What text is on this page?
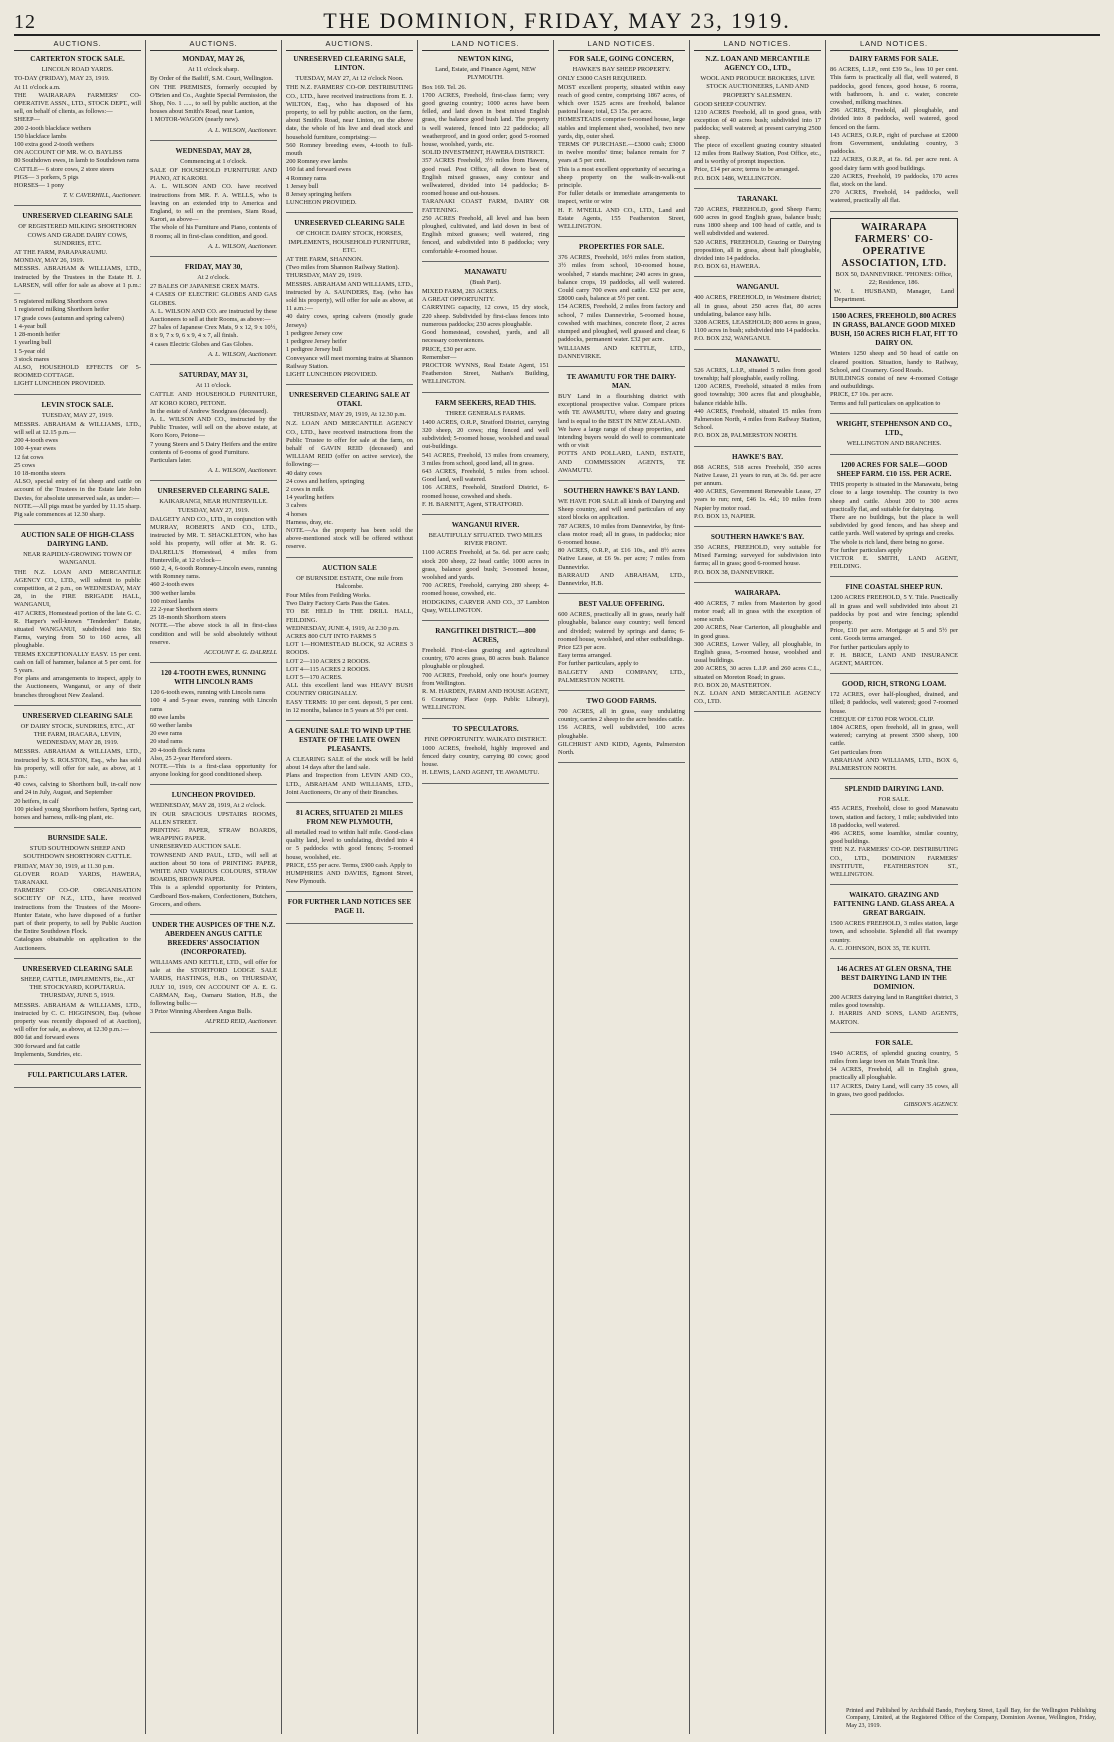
12	THE DOMINION, FRIDAY, MAY 23, 1919.
AUCTIONS.
CARTERTON STOCK SALE.
LINCOLN ROAD YARDS.

TO-DAY (FRIDAY), MAY 23, 1919.

At 11 o'clock a.m.

THE WAIRARAPA FARMERS' CO-OPERATIVE ASSN., LTD., STOCK DEPT., will sell, on behalf of clients, as follows:—

SHEEP—

200 2-tooth blackface wethers

150 blackface lambs

100 extra good 2-tooth wethers

ON ACCOUNT OF MR. W. O. BAYLISS

80 Southdown ewes, in lamb to Southdown rams

CATTLE— 6 store cows, 2 store steers

PIGS— 3 porkers, 5 pigs

HORSES— 1 pony

T. V. CAVERHILL, Auctioneer.
UNRESERVED CLEARING SALE
OF REGISTERED MILKING SHORTHORN COWS AND GRADE DAIRY COWS, SUNDRIES, ETC.

AT THE FARM, PARAPARAUMU.

MONDAY, MAY 26, 1919.

MESSRS. ABRAHAM & WILLIAMS, LTD., instructed by the Trustees in the Estate H. J. LARSEN, will offer for sale as above at 1 p.m.:—

5 registered milking Shorthorn cows

1 registered milking Shorthorn heifer

17 grade cows (autumn and spring calvers)

1 4-year bull

1 28-month heifer

1 yearling bull

1 5-year old

3 stock mares

ALSO, HOUSEHOLD EFFECTS OF 5-ROOMED COTTAGE.

LIGHT LUNCHEON PROVIDED.

LEVIN STOCK SALE.
TUESDAY, MAY 27, 1919.

MESSRS. ABRAHAM & WILLIAMS, LTD., will sell at 12.15 p.m.—

200 4-tooth ewes

100 4-year ewes

12 fat cows

25 cows

10 18-months steers

ALSO, special entry of fat sheep and cattle on account of the Trustees in the Estate late John Davies, for absolute unreserved sale, as under:—

NOTE.—All pigs must be yarded by 11.15 sharp. Pig sale commences at 12.30 sharp.

AUCTION SALE OF HIGH-CLASS DAIRYING LAND.
NEAR RAPIDLY-GROWING TOWN OF WANGANUI.

THE N.Z. LOAN AND MERCANTILE AGENCY CO., LTD., will submit to public competition, at 2 p.m., on WEDNESDAY, MAY 28, in the FIRE BRIGADE HALL, WANGANUI,

417 ACRES, Homestead portion of the late G. C. R. Harper's well-known "Tenderden" Estate, situated WANGANUI, subdivided into Six Farms, varying from 50 to 160 acres, all ploughable.

TERMS EXCEPTIONALLY EASY. 15 per cent. cash on fall of hammer, balance at 5 per cent. for 5 years.

For plans and arrangements to inspect, apply to the Auctioneers, Wanganui, or any of their branches throughout New Zealand.

UNRESERVED CLEARING SALE
OF DAIRY STOCK, SUNDRIES, ETC., AT THE FARM, IRACARA, LEVIN, WEDNESDAY, MAY 28, 1919.

MESSRS. ABRAHAM & WILLIAMS, LTD., instructed by S. ROLSTON, Esq., who has sold his property, will offer for sale, as above, at 1 p.m.:

40 cows, calving to Shorthorn bull, in-calf now and 24 in July, August, and September

20 heifers, in calf

100 picked young Shorthorn heifers, Spring cart, horses and harness, milk-ing plant, etc.

BURNSIDE SALE.
STUD SOUTHDOWN SHEEP AND SOUTHDOWN SHORTHORN CATTLE.

FRIDAY, MAY 30, 1919, at 11.30 p.m.

GLOVER ROAD YARDS, HAWERA, TARANAKI.

FARMERS' CO-OP. ORGANISATION SOCIETY OF N.Z., LTD., have received instructions from the Trustees of the Moore-Hunter Estate, who have disposed of a further part of their property, to sell by Public Auction the Entire Southdown Flock.

Catalogues obtainable on application to the Auctioneers.

UNRESERVED CLEARING SALE
SHEEP, CATTLE, IMPLEMENTS, Etc., AT THE STOCKYARD, KOPUTARUA. THURSDAY, JUNE 5, 1919.

MESSRS. ABRAHAM & WILLIAMS, LTD., instructed by C. C. HIGGINSON, Esq. (whose property was recently disposed of at Auction), will offer for sale, as above, at 12.30 p.m.:—

800 fat and forward ewes

300 forward and fat cattle

Implements, Sundries, etc.

FULL PARTICULARS LATER.
AUCTIONS.
MONDAY, MAY 26,
At 11 o'clock sharp.

By Order of the Bailiff, S.M. Court, Wellington.

ON THE PREMISES, formerly occupied by O'Brien and Co., Aughtie Special Permission, the Shop, No. 1 ....., to sell by public auction, at the houses about Smith's Road, near Lanton,

1 MOTOR-WAGON (nearly new).

A. L. WILSON, Auctioneer.
WEDNESDAY, MAY 28,
Commencing at 1 o'clock.

SALE OF HOUSEHOLD FURNITURE AND PIANO, AT KARORI.

A. L. WILSON AND CO. have received instructions from MR. F. A. WELLS, who is leaving on an extended trip to America and England, to sell on the premises, Siam Road, Karori, as above—

The whole of his Furniture and Piano, contents of 8 rooms; all in first-class condition, and good.

A. L. WILSON, Auctioneer.
FRIDAY, MAY 30,
At 2 o'clock.

27 BALES OF JAPANESE CREX MATS.

4 CASES OF ELECTRIC GLOBES AND GAS GLOBES.

A. L. WILSON AND CO. are instructed by these Auctioneers to sell at their Rooms, as above:—

27 bales of Japanese Crex Mats, 9 x 12, 9 x 10½, 8 x 9, 7 x 9, 6 x 9, 4 x 7, all finish.

4 cases Electric Globes and Gas Globes.

A. L. WILSON, Auctioneer.
SATURDAY, MAY 31,
At 11 o'clock.

CATTLE AND HOUSEHOLD FURNITURE, AT KORO KORO, PETONE.

In the estate of Andrew Snodgrass (deceased).

A. L. WILSON AND CO., instructed by the Public Trustee, will sell on the above estate, at Koro Koro, Petone—

7 young Steers and 5 Dairy Heifers and the entire contents of 6-rooms of good Furniture.

Particulars later.

A. L. WILSON, Auctioneer.
UNRESERVED CLEARING SALE.
KAIKARANGI, NEAR HUNTERVILLE. TUESDAY, MAY 27, 1919.

DALGETY AND CO., LTD., in conjunction with MURRAY, ROBERTS AND CO., LTD., instructed by MR. T. SHACKLETON, who has sold his property, will offer at Mr. R. G. DALRELL'S Homestead, 4 miles from Hunterville, at 12 o'clock—

660 2, 4, 6-tooth Romney-Lincoln ewes, running with Romney rams.

460 2-tooth ewes

300 wether lambs

100 mixed lambs

22 2-year Shorthorn steers

25 18-month Shorthorn steers

NOTE.—The above stock is all in first-class condition and will be sold absolutely without reserve.

ACCOUNT E. G. DALRELL
120 4-TOOTH EWES, RUNNING WITH LINCOLN RAMS

120 6-tooth ewes, running with Lincoln rams

100 4 and 5-year ewes, running with Lincoln rams

80 ewe lambs

60 wether lambs

20 ewe rams

20 stud rams

20 4-tooth flock rams

Also, 25 2-year Hereford steers.

NOTE.—This is a first-class opportunity for anyone looking for good conditioned sheep.

LUNCHEON PROVIDED.

WEDNESDAY, MAY 28, 1919, At 2 o'clock.

IN OUR SPACIOUS UPSTAIRS ROOMS, ALLEN STREET.

PRINTING PAPER, STRAW BOARDS, WRAPPING PAPER.

UNRESERVED AUCTION SALE.

TOWNSEND AND PAUL, LTD., will sell at auction about 50 tons of PRINTING PAPER, WHITE AND VARIOUS COLOURS, STRAW BOARDS, BROWN PAPER.

This is a splendid opportunity for Printers, Cardboard Box-makers, Confectioners, Butchers, Grocers, and others.

UNDER THE AUSPICES OF THE N.Z. ABERDEEN ANGUS CATTLE BREEDERS' ASSOCIATION (INCORPORATED).

WILLIAMS AND KETTLE, LTD., will offer for sale at the STORTFORD LODGE SALE YARDS, HASTINGS, H.B., on THURSDAY, JULY 10, 1919, ON ACCOUNT OF A. E. G. CARMAN, Esq., Oamaru Station, H.B., the following bulls:—

3 Prize Winning Aberdeen Angus Bulls.

ALFRED REID, Auctioneer.
AUCTIONS.
UNRESERVED CLEARING SALE, LINTON.
TUESDAY, MAY 27, At 12 o'clock Noon.

THE N.Z. FARMERS' CO-OP. DISTRIBUTING CO., LTD., have received instructions from E. J. WILTON, Esq., who has disposed of his property, to sell by public auction, on the farm, about Smith's Road, near Linton, on the above date, the whole of his live and dead stock and household furniture, comprising:—

560 Romney breeding ewes, 4-tooth to full-mouth

200 Romney ewe lambs

160 fat and forward ewes

4 Romney rams

1 Jersey bull

8 Jersey springing heifers

LUNCHEON PROVIDED.

UNRESERVED CLEARING SALE
OF CHOICE DAIRY STOCK, HORSES, IMPLEMENTS, HOUSEHOLD FURNITURE, ETC.

AT THE FARM, SHANNON.

(Two miles from Shannon Railway Station).

THURSDAY, MAY 29, 1919.

MESSRS. ABRAHAM AND WILLIAMS, LTD., instructed by A. SAUNDERS, Esq. (who has sold his property), will offer for sale as above, at 11 a.m.:—

40 dairy cows, spring calvers (mostly grade Jerseys)

1 pedigree Jersey cow

1 pedigree Jersey heifer

1 pedigree Jersey bull

Conveyance will meet morning trains at Shannon Railway Station.

LIGHT LUNCHEON PROVIDED.

UNRESERVED CLEARING SALE AT OTAKI.
THURSDAY, MAY 29, 1919, At 12.30 p.m.

N.Z. LOAN AND MERCANTILE AGENCY CO., LTD., have received instructions from the Public Trustee to offer for sale at the farm, on behalf of GAVIN REID (deceased) and WILLIAM REID (offer on active service), the following:—

40 dairy cows

24 cows and heifers, springing

2 cows in milk

14 yearling heifers

3 calves

4 horses

Harness, dray, etc.

NOTE.—As the property has been sold the above-mentioned stock will be offered without reserve.

AUCTION SALE
OF BURNSIDE ESTATE, One mile from Halcombe.

Four Miles from Feilding Works.

Two Dairy Factory Carts Pass the Gates.

TO BE HELD In THE DRILL HALL, FEILDING.

WEDNESDAY, JUNE 4, 1919, At 2.30 p.m.

ACRES 800 CUT INTO FARMS 5

LOT 1—HOMESTEAD BLOCK, 92 ACRES 3 ROODS.

LOT 2—110 ACRES 2 ROODS.

LOT 4—115 ACRES 2 ROODS.

LOT 5—170 ACRES.

ALL this excellent land was HEAVY BUSH COUNTRY ORIGINALLY.

EASY TERMS: 10 per cent. deposit, 5 per cent. in 12 months, balance in 5 years at 5½ per cent.

A GENUINE SALE TO WIND UP THE ESTATE OF THE LATE OWEN PLEASANTS.

A CLEARING SALE of the stock will be held about 14 days after the land sale.

Plans and Inspection from LEVIN AND CO., LTD., ABRAHAM AND WILLIAMS, LTD., Joint Auctioneers, Or any of their Branches.

81 ACRES, SITUATED 21 MILES FROM NEW PLYMOUTH,

all metalled road to within half mile. Good-class quality land, level to undulating, divided into 4 or 5 paddocks with good fences; 5-roomed house, woolshed, etc.

PRICE, £55 per acre. Terms, £900 cash. Apply to

HUMPHRIES AND DAVIES, Egmont Street, New Plymouth.

FOR FURTHER LAND NOTICES SEE PAGE 11.
LAND NOTICES.
NEWTON KING,
Land, Estate, and Finance Agent, NEW PLYMOUTH.

Box 169. Tel. 26.

1700 ACRES, Freehold, first-class farm; very good grazing country; 1000 acres have been felled, and laid down in best mixed English grass, the balance good bush land. The property is well watered, fenced into 22 paddocks; all weatherproof, and in good order; good 5-roomed house, woolshed, yards, etc.

SOLID INVESTMENT, HAWERA DISTRICT.

357 ACRES Freehold, 3½ miles from Hawera, good road. Post Office, all down to best of English mixed grasses, easy contour and wellwatered, divided into 14 paddocks; 8-roomed house and out-houses.

TARANAKI COAST FARM, DAIRY OR FATTENING.

250 ACRES Freehold, all level and has been ploughed, cultivated, and laid down in best of English mixed grasses; well watered, ring fenced, and subdivided into 8 paddocks; very comfortable 4-roomed house.

MANAWATU
(Bush Part).

MIXED FARM, 283 ACRES.

A GREAT OPPORTUNITY.

CARRYING capacity, 12 cows, 15 dry stock, 220 sheep. Subdivided by first-class fences into numerous paddocks; 230 acres ploughable.

Good homestead, cowshed, yards, and all necessary conveniences.

PRICE, £30 per acre.

Remember—

PROCTOR WYNNS, Real Estate Agent, 151 Featherston Street, Nathan's Building, WELLINGTON.

FARM SEEKERS, READ THIS.
THREE GENERALS FARMS.

1400 ACRES, O.R.P., Stratford District, carrying 320 sheep, 20 cows; ring fenced and well subdivided; 5-roomed house, woolshed and usual out-buildings.

541 ACRES, Freehold, 13 miles from creamery, 3 miles from school, good land, all in grass.

643 ACRES, Freehold, 5 miles from school. Good land, well watered.

106 ACRES, Freehold, Stratford District, 6-roomed house, cowshed and sheds.

F. H. BARNITT, Agent, STRATFORD.

WANGANUI RIVER.
BEAUTIFULLY SITUATED. TWO MILES RIVER FRONT.

1100 ACRES Freehold, at 5s. 6d. per acre cash; stock 200 sheep, 22 head cattle; 1000 acres in grass, balance good bush; 3-roomed house, woolshed and yards.

700 ACRES, Freehold, carrying 280 sheep; 4-roomed house, cowshed, etc.

HODGKINS, CARVER AND CO., 37 Lambton Quay, WELLINGTON.

RANGITIKEI DISTRICT.—800 ACRES,

Freehold. First-class grazing and agricultural country, 670 acres grass, 80 acres bush. Balance ploughable or ploughed.

700 ACRES, Freehold, only one hour's journey from Wellington.

R. M. HARDEN, FARM AND HOUSE AGENT, 6 Courtenay Place (opp. Public Library), WELLINGTON.

TO SPECULATORS.
FINE OPPORTUNITY. WAIKATO DISTRICT.

1000 ACRES, freehold, highly improved and fenced dairy country, carrying 80 cows; good house.

H. LEWIS, LAND AGENT, TE AWAMUTU.

LAND NOTICES.
FOR SALE, GOING CONCERN,
HAWKE'S BAY SHEEP PROPERTY.

ONLY £3000 CASH REQUIRED.

MOST excellent property, situated within easy reach of good centre, comprising 1867 acres, of which over 1525 acres are freehold, balance pastoral lease; total, £3 15s. per acre.

HOMESTEADS comprise 6-roomed house, large stables and implement shed, woolshed, two new yards, dip, outer shed.

TERMS OF PURCHASE.—£3000 cash; £3000 in twelve months' time; balance remain for 7 years at 5 per cent.

This is a most excellent opportunity of securing a sheep property on the walk-in-walk-out principle.

For fuller details or immediate arrangements to inspect, write or wire

H. F. M'NEILL AND CO., LTD., Land and Estate Agents, 155 Featherston Street, WELLINGTON.

PROPERTIES FOR SALE.

376 ACRES, Freehold, 16½ miles from station, 3½ miles from school, 10-roomed house, woolshed, 7 stands machine; 240 acres in grass, balance crops, 19 paddocks, all well watered. Could carry 700 ewes and cattle. £32 per acre, £8000 cash, balance at 5½ per cent.

154 ACRES, Freehold, 2 miles from factory and school, 7 miles Dannevirke, 5-roomed house, cowshed with machines, concrete floor, 2 acres stumped and ploughed, well grassed and clear, 6 paddocks, permanent water. £32 per acre.

WILLIAMS AND KETTLE, LTD., DANNEVIRKE.

TE AWAMUTU FOR THE DAIRY-MAN.

BUY Land in a flourishing district with exceptional prospective value. Compare prices with TE AWAMUTU, where dairy and grazing land is equal to the BEST IN NEW ZEALAND.

We have a large range of cheap properties, and intending buyers would do well to communicate with or visit

POTTS AND POLLARD, LAND, ESTATE, AND COMMISSION AGENTS, TE AWAMUTU.

SOUTHERN HAWKE'S BAY LAND.

WE HAVE FOR SALE all kinds of Dairying and Sheep country, and will send particulars of any sized blocks on application.

787 ACRES, 10 miles from Dannevirke, by first-class motor road; all in grass, in paddocks; nice 6-roomed house.

80 ACRES, O.R.P., at £16 10s., and 8½ acres Native Lease, at £6 9s. per acre; 7 miles from Dannevirke.

BARRAUD AND ABRAHAM, LTD., Dannevirke, H.B.

BEST VALUE OFFERING.

600 ACRES, practically all in grass, nearly half ploughable, balance easy country; well fenced and divided; watered by springs and dams; 6-roomed house, woolshed, and other outbuildings.

Price £23 per acre.

Easy terms arranged.

For further particulars, apply to

BALGETY AND COMPANY, LTD., PALMERSTON NORTH.

TWO GOOD FARMS.

700 ACRES, all in grass, easy undulating country, carries 2 sheep to the acre besides cattle.

156 ACRES, well subdivided, 100 acres ploughable.

GILCHRIST AND KIDD, Agents, Palmerston North.

LAND NOTICES.
N.Z. LOAN AND MERCANTILE AGENCY CO., LTD.,
WOOL AND PRODUCE BROKERS, LIVE STOCK AUCTIONEERS, LAND AND PROPERTY SALESMEN.

GOOD SHEEP COUNTRY.

1210 ACRES Freehold, all in good grass, with exception of 40 acres bush; subdivided into 17 paddocks; well watered; at present carrying 2500 sheep.

The piece of excellent grazing country situated 12 miles from Railway Station, Post Office, etc., and is worthy of prompt inspection.

Price, £14 per acre; terms to be arranged.

P.O. BOX 1486, WELLINGTON.

TARANAKI.

720 ACRES, FREEHOLD, good Sheep Farm; 600 acres in good English grass, balance bush; runs 1800 sheep and 100 head of cattle, and is well subdivided and watered.

520 ACRES, FREEHOLD, Grazing or Dairying proposition, all in grass, about half ploughable, divided into 14 paddocks.

P.O. BOX 61, HAWERA.

WANGANUI.

400 ACRES, FREEHOLD, in Westmere district; all in grass, about 250 acres flat, 80 acres undulating, balance easy hills.

3208 ACRES, LEASEHOLD; 800 acres in grass, 1100 acres in bush; subdivided into 14 paddocks.

P.O. BOX 232, WANGANUI.

MANAWATU.

526 ACRES, L.I.P., situated 5 miles from good township; half ploughable, easily rolling.

1200 ACRES, Freehold, situated 8 miles from good township; 300 acres flat and ploughable, balance ridable hills.

440 ACRES, Freehold, situated 15 miles from Palmerston North, 4 miles from Railway Station, School.

P.O. BOX 28, PALMERSTON NORTH.

HAWKE'S BAY.

868 ACRES, 518 acres Freehold, 350 acres Native Lease, 21 years to run, at 3s. 6d. per acre per annum.

400 ACRES, Government Renewable Lease, 27 years to run; rent, £46 1s. 4d.; 10 miles from Napier by motor road.

P.O. BOX 13, NAPIER.

SOUTHERN HAWKE'S BAY.

350 ACRES, FREEHOLD, very suitable for Mixed Farming; surveyed for subdivision into farms; all in grass; good 6-roomed house.

P.O. BOX 38, DANNEVIRKE.

WAIRARAPA.

400 ACRES, 7 miles from Masterton by good motor road; all in grass with the exception of some scrub.

200 ACRES, Near Carterton, all ploughable and in good grass.

300 ACRES, Lower Valley, all ploughable, in English grass, 5-roomed house, woolshed and usual buildings.

200 ACRES, 30 acres L.I.P. and 260 acres C.L., situated on Moreton Road; in grass.

P.O. BOX 20, MASTERTON.

N.Z. LOAN AND MERCANTILE AGENCY CO., LTD.

LAND NOTICES.
DAIRY FARMS FOR SALE.

86 ACRES, L.I.P., rent £39 5s., less 10 per cent. This farm is practically all flat, well watered, 8 paddocks, good fences, good house, 6 rooms, with bathroom, h. and c. water, concrete cowshed, milking machines.

296 ACRES, Freehold, all ploughable, and divided into 8 paddocks, well watered, good fenced on the farm.

143 ACRES, O.R.P., right of purchase at £2000 from Government, undulating country, 3 paddocks.

122 ACRES, O.R.P., at 6s. 6d. per acre rent. A good dairy farm with good buildings.

220 ACRES, Freehold, 19 paddocks, 170 acres flat, stock on the land.

270 ACRES, Freehold, 14 paddocks, well watered, practically all flat.

WAIRARAPA FARMERS' CO-OPERATIVE ASSOCIATION, LTD.
BOX 50, DANNEVIRKE. 'PHONES: Office, 22; Residence, 186.

W. I. HUSBAND, Manager, Land Department.

1500 ACRES, FREEHOLD, 800 ACRES IN GRASS, BALANCE GOOD MIXED BUSH, 150 ACRES RICH FLAT, FIT TO DAIRY ON.

Winters 1250 sheep and 50 head of cattle on cleared position. Situation, handy to Railway, School, and Creamery. Good Roads.

BUILDINGS consist of new 4-roomed Cottage and outbuildings.

PRICE, £7 10s. per acre.

Terms and full particulars on application to

WRIGHT, STEPHENSON AND CO., LTD.,
WELLINGTON AND BRANCHES.
1200 ACRES FOR SALE—GOOD SHEEP FARM. £10 15S. PER ACRE.

THIS property is situated in the Manawatu, being close to a large township. The country is two sheep and cattle. About 200 to 300 acres practically flat, and suitable for dairying.

There are no buildings, but the place is well subdivided by good fences, and has sheep and cattle yards. Well watered by springs and creeks.

The whole is rich land, there being no gorse.

For further particulars apply

VICTOR E. SMITH, LAND AGENT, FEILDING.

FINE COASTAL SHEEP RUN.

1200 ACRES FREEHOLD, 5 Y. Title. Practically all in grass and well subdivided into about 21 paddocks by post and wire fencing; splendid property.

Price, £10 per acre. Mortgage at 5 and 5½ per cent. Goods terms arranged.

For further particulars apply to

F. H. BRICE, LAND AND INSURANCE AGENT, MARTON.

GOOD, RICH, STRONG LOAM.

172 ACRES, over half-ploughed, drained, and tilled; 8 paddocks, well watered; good 7-roomed house.

CHEQUE OF £1700 FOR WOOL CLIP.

1804 ACRES, open freehold, all in grass, well watered; carrying at present 3500 sheep, 100 cattle.

Get particulars from

ABRAHAM AND WILLIAMS, LTD., BOX 6, PALMERSTON NORTH.

SPLENDID DAIRYING LAND.
FOR SALE.

455 ACRES, Freehold, close to good Manawatu town, station and factory, 1 mile; subdivided into 18 paddocks, well watered.

496 ACRES, some loamlike, similar country, good buildings.

THE N.Z. FARMERS' CO-OP. DISTRIBUTING CO., LTD., DOMINION FARMERS' INSTITUTE, FEATHERSTON ST., WELLINGTON.

WAIKATO. GRAZING AND FATTENING LAND. GLASS AREA. A GREAT BARGAIN.

1500 ACRES FREEHOLD, 3 miles station, large town, and schoolsite. Splendid all flat swampy country.

A. C. JOHNSON, BOX 35, TE KUITI.

146 ACRES AT GLEN ORSNA, THE BEST DAIRYING LAND IN THE DOMINION.

200 ACRES dairying land in Rangitikei district, 3 miles good township.

J. HARRIS AND SONS, LAND AGENTS, MARTON.

FOR SALE.

1940 ACRES, of splendid grazing country, 5 miles from large town on Main Trunk line.

34 ACRES, Freehold, all in English grass, practically all ploughable.

117 ACRES, Dairy Land, will carry 35 cows, all in grass, two good paddocks.

GIBSON'S AGENCY.
Printed and Published by Archibald Bando, Freyberg Street, Lyall Bay, for the Wellington Publishing Company, Limited, at the Registered Office of the Company, Dominion Avenue, Wellington, Friday, May 23, 1919.
